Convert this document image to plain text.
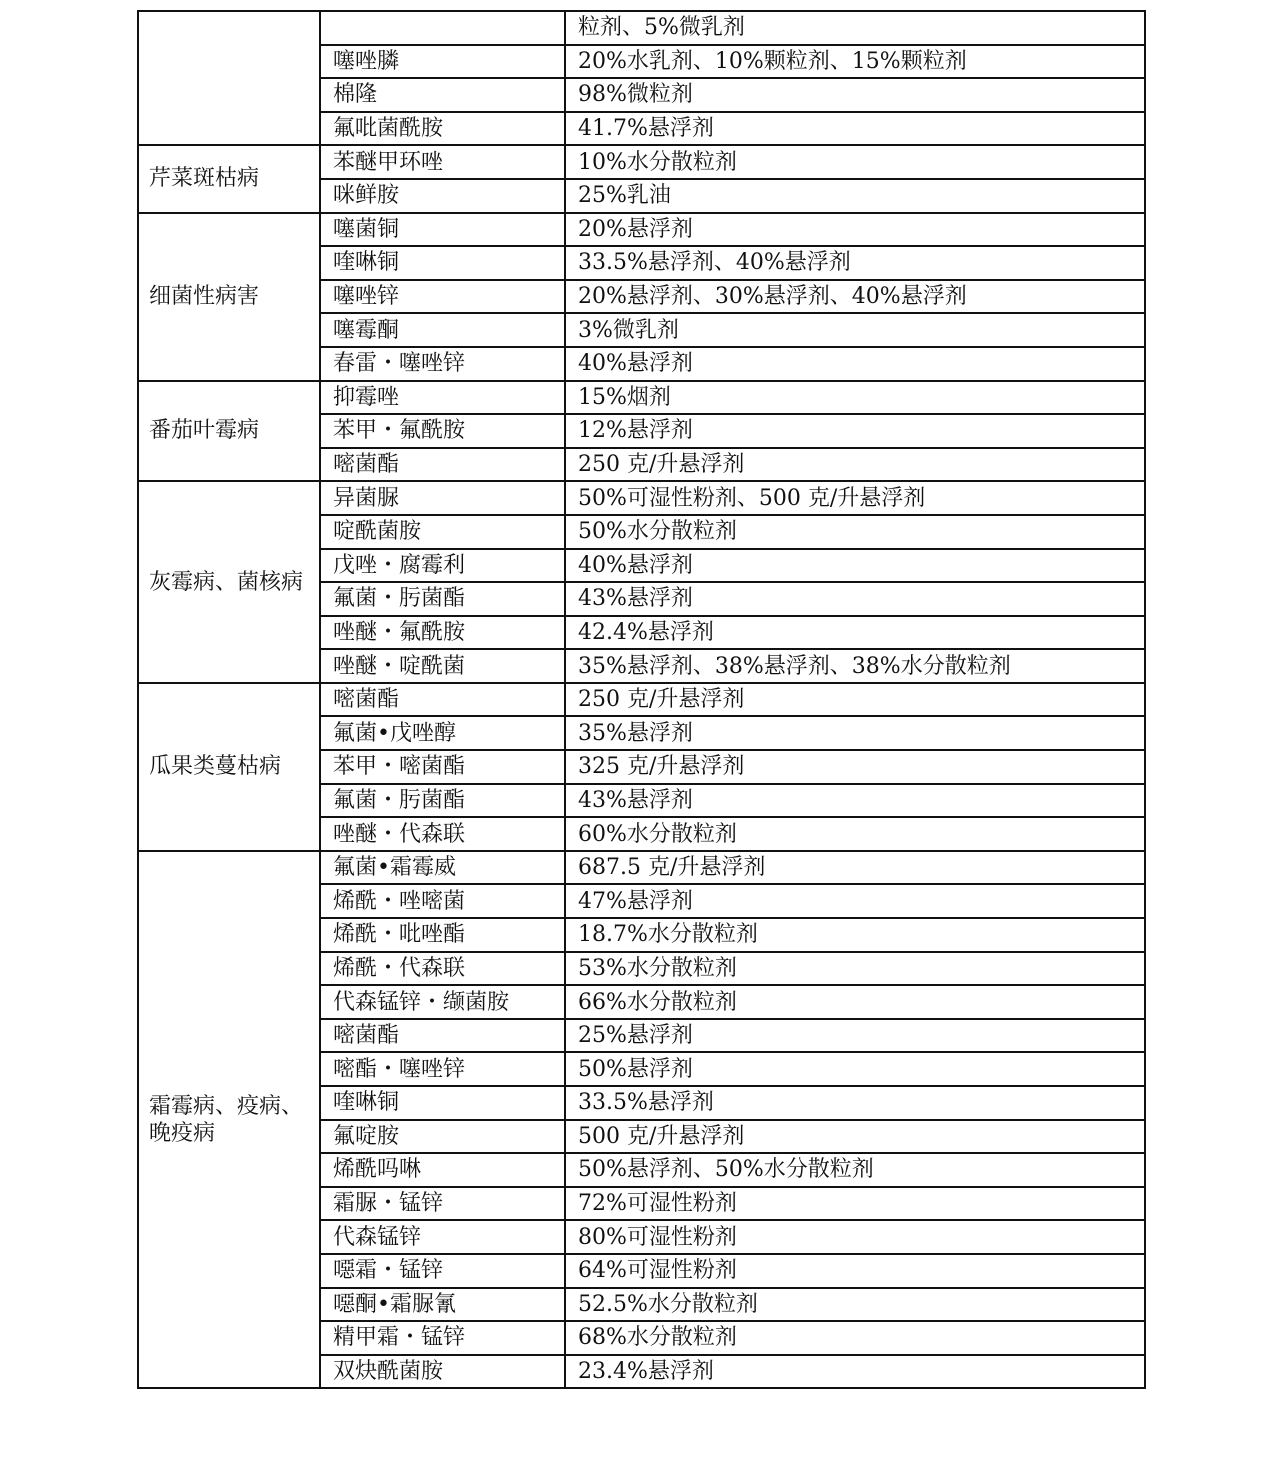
		粒剂、5%微乳剂
	噻唑膦	20%水乳剂、10%颗粒剂、15%颗粒剂
	棉隆	98%微粒剂
	氟吡菌酰胺	41.7%悬浮剂
芹菜斑枯病	苯醚甲环唑	10%水分散粒剂
	咪鲜胺	25%乳油
细菌性病害	噻菌铜	20%悬浮剂
	喹啉铜	33.5%悬浮剂、40%悬浮剂
	噻唑锌	20%悬浮剂、30%悬浮剂、40%悬浮剂
	噻霉酮	3%微乳剂
	春雷・噻唑锌	40%悬浮剂
番茄叶霉病	抑霉唑	15%烟剂
	苯甲・氟酰胺	12%悬浮剂
	嘧菌酯	250 克/升悬浮剂
灰霉病、菌核病	异菌脲	50%可湿性粉剂、500 克/升悬浮剂
	啶酰菌胺	50%水分散粒剂
	戊唑・腐霉利	40%悬浮剂
	氟菌・肟菌酯	43%悬浮剂
	唑醚・氟酰胺	42.4%悬浮剂
	唑醚・啶酰菌	35%悬浮剂、38%悬浮剂、38%水分散粒剂
瓜果类蔓枯病	嘧菌酯	250 克/升悬浮剂
	氟菌•戊唑醇	35%悬浮剂
	苯甲・嘧菌酯	325 克/升悬浮剂
	氟菌・肟菌酯	43%悬浮剂
	唑醚・代森联	60%水分散粒剂
霜霉病、疫病、晚疫病	氟菌•霜霉威	687.5 克/升悬浮剂
	烯酰・唑嘧菌	47%悬浮剂
	烯酰・吡唑酯	18.7%水分散粒剂
	烯酰・代森联	53%水分散粒剂
	代森锰锌・缬菌胺	66%水分散粒剂
	嘧菌酯	25%悬浮剂
	嘧酯・噻唑锌	50%悬浮剂
	喹啉铜	33.5%悬浮剂
	氟啶胺	500 克/升悬浮剂
	烯酰吗啉	50%悬浮剂、50%水分散粒剂
	霜脲・锰锌	72%可湿性粉剂
	代森锰锌	80%可湿性粉剂
	噁霜・锰锌	64%可湿性粉剂
	噁酮•霜脲氰	52.5%水分散粒剂
	精甲霜・锰锌	68%水分散粒剂
	双炔酰菌胺	23.4%悬浮剂
